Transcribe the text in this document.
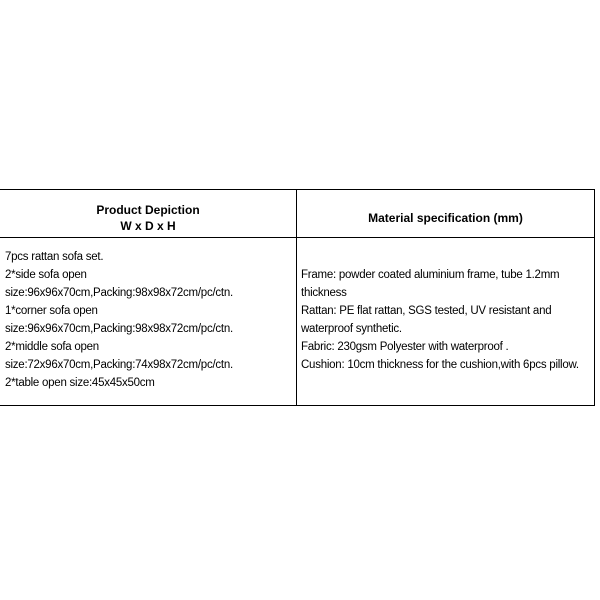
Product Depiction
W x D x H
Material specification (mm)
7pcs rattan sofa set.
2*side sofa open
size:96x96x70cm,Packing:98x98x72cm/pc/ctn.
1*corner sofa open
size:96x96x70cm,Packing:98x98x72cm/pc/ctn.
2*middle sofa open
size:72x96x70cm,Packing:74x98x72cm/pc/ctn.
2*table open size:45x45x50cm
Frame: powder coated aluminium frame, tube 1.2mm
thickness
Rattan: PE flat rattan, SGS tested, UV resistant and
waterproof synthetic.
Fabric: 230gsm Polyester with waterproof .
Cushion: 10cm thickness for the cushion,with 6pcs pillow.
